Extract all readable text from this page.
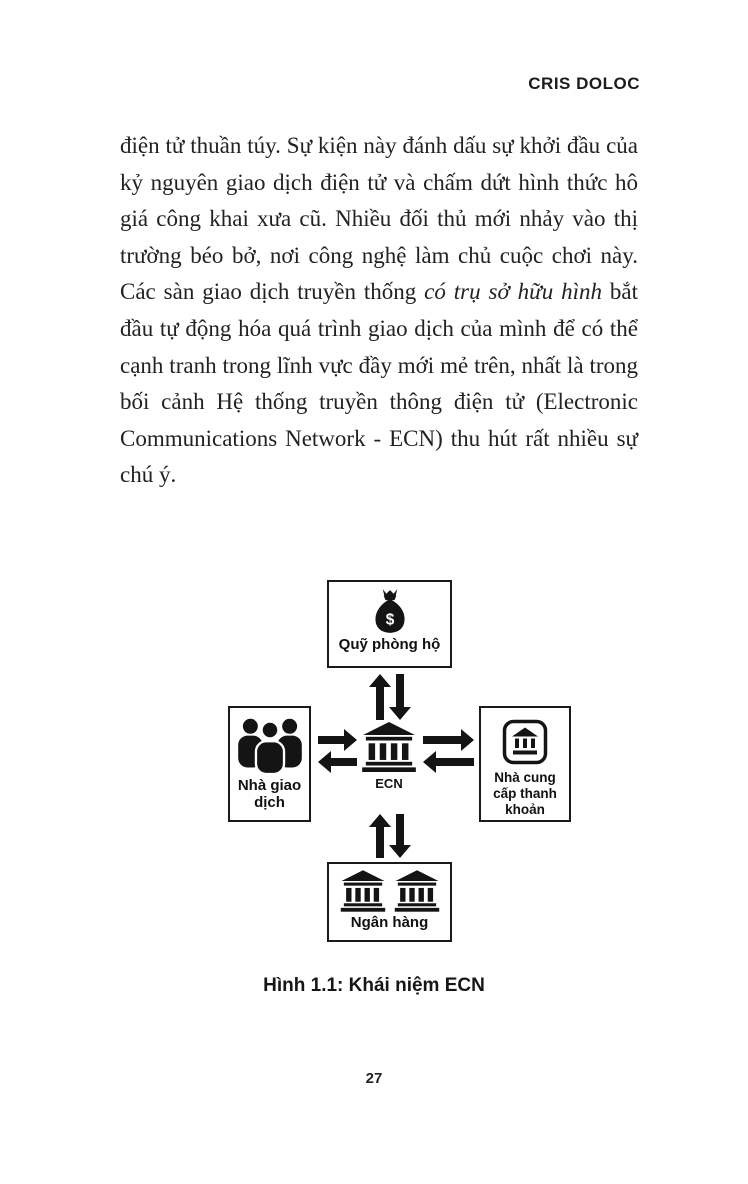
CRIS DOLOC

điện tử thuần túy. Sự kiện này đánh dấu sự khởi đầu của kỷ nguyên giao dịch điện tử và chấm dứt hình thức hô giá công khai xưa cũ. Nhiều đối thủ mới nhảy vào thị trường béo bở, nơi công nghệ làm chủ cuộc chơi này. Các sàn giao dịch truyền thống có trụ sở hữu hình bắt đầu tự động hóa quá trình giao dịch của mình để có thể cạnh tranh trong lĩnh vực đầy mới mẻ trên, nhất là trong bối cảnh Hệ thống truyền thông điện tử (Electronic Communications Network - ECN) thu hút rất nhiều sự chú ý.

$
Quỹ phòng hộ
Nhà giao dịch
ECN	Nhà cung cấp thanh khoản
Ngân hàng
Hình 1.1: Khái niệm ECN
27
